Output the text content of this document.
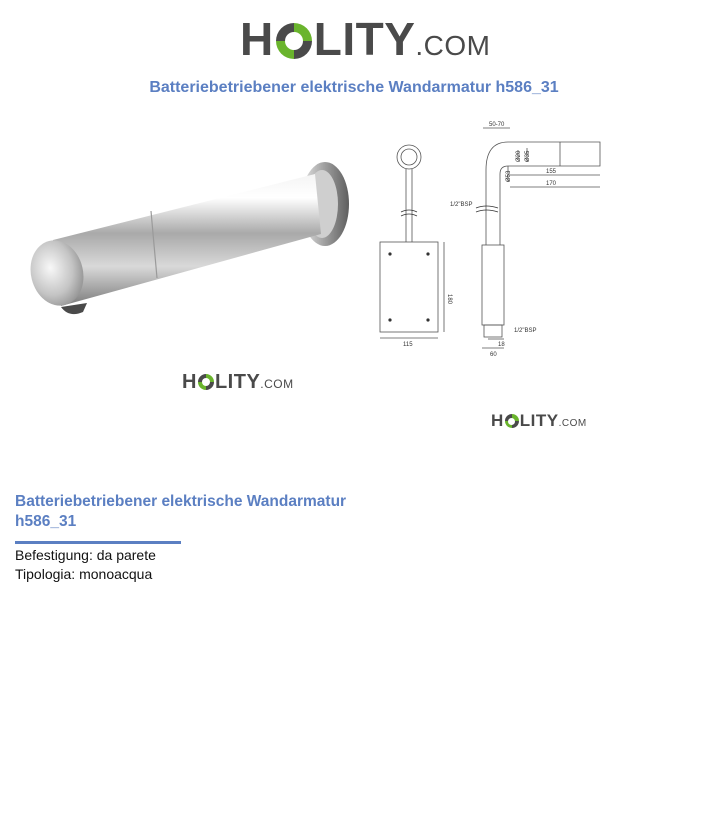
H LITY .COM
Batteriebetriebener elektrische Wandarmatur h586_31
H LITY .COM
50-70
Ø20 Ø35
Ø53	155
170
1/2"BSP
180
1/2"BSP
115	18
60
H LITY .COM
Batteriebetriebener elektrische Wandarmatur h586_31
Befestigung: da parete
Tipologia: monoacqua
